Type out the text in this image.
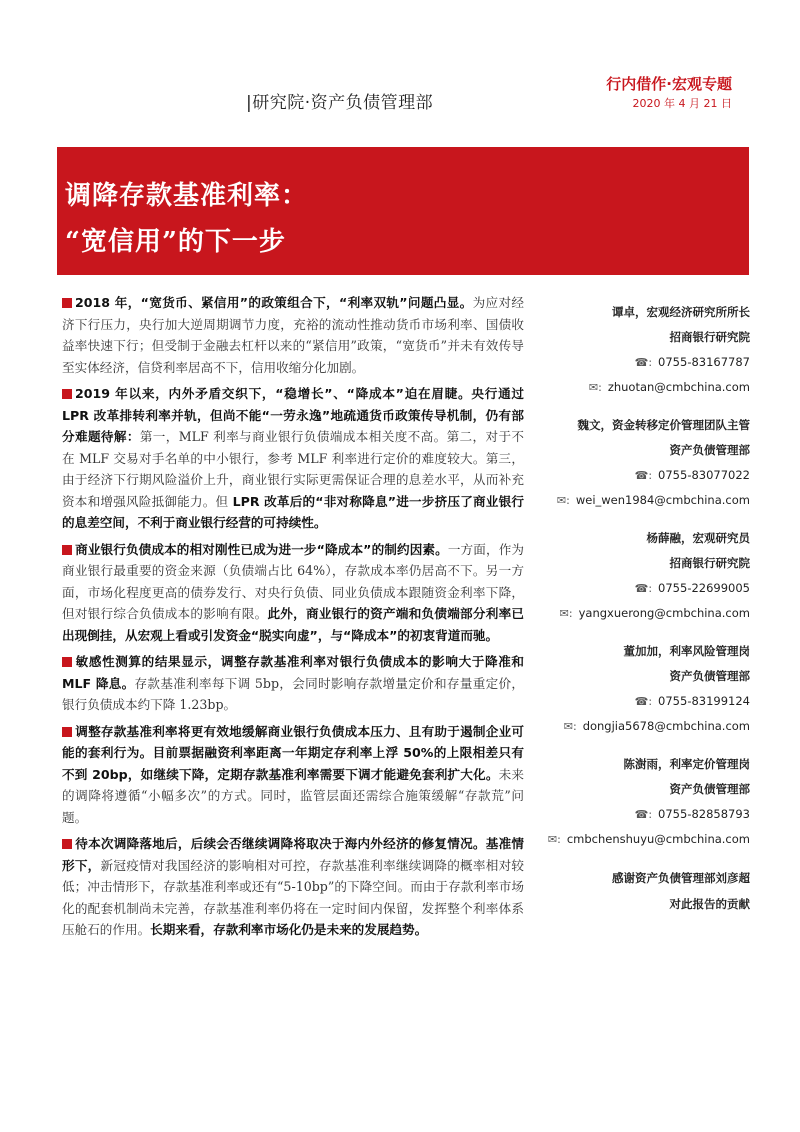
|研究院·资产负债管理部
行内借作·宏观专题
2020 年 4 月 21 日
调降存款基准利率：
“宽信用”的下一步

2018 年，“宽货币、紧信用”的政策组合下，“利率双轨”问题凸显。为应对经济下行压力，央行加大逆周期调节力度，充裕的流动性推动货币市场利率、国债收益率快速下行；但受制于金融去杠杆以来的“紧信用”政策，“宽货币”并未有效传导至实体经济，信贷利率居高不下，信用收缩分化加剧。

2019 年以来，内外矛盾交织下，“稳增长”、“降成本”迫在眉睫。央行通过 LPR 改革排转利率并轨，但尚不能“一劳永逸”地疏通货币政策传导机制，仍有部分难题待解：第一，MLF 利率与商业银行负债端成本相关度不高。第二，对于不在 MLF 交易对手名单的中小银行，参考 MLF 利率进行定价的难度较大。第三，由于经济下行期风险溢价上升，商业银行实际更需保证合理的息差水平，从而补充资本和增强风险抵御能力。但 LPR 改革后的“非对称降息”进一步挤压了商业银行的息差空间，不利于商业银行经营的可持续性。

商业银行负债成本的相对刚性已成为进一步“降成本”的制约因素。一方面，作为商业银行最重要的资金来源（负债端占比 64%），存款成本率仍居高不下。另一方面，市场化程度更高的债券发行、对央行负债、同业负债成本跟随资金利率下降，但对银行综合负债成本的影响有限。此外，商业银行的资产端和负债端部分利率已出现倒挂，从宏观上看或引发资金“脱实向虚”，与“降成本”的初衷背道而驰。

敏感性测算的结果显示，调整存款基准利率对银行负债成本的影响大于降准和 MLF 降息。存款基准利率每下调 5bp，会同时影响存款增量定价和存量重定价，银行负债成本约下降 1.23bp。

调整存款基准利率将更有效地缓解商业银行负债成本压力、且有助于遏制企业可能的套利行为。目前票据融资利率距离一年期定存利率上浮 50%的上限相差只有不到 20bp，如继续下降，定期存款基准利率需要下调才能避免套利扩大化。未来的调降将遵循“小幅多次”的方式。同时，监管层面还需综合施策缓解“存款荒”问题。

待本次调降落地后，后续会否继续调降将取决于海内外经济的修复情况。基准情形下，新冠疫情对我国经济的影响相对可控，存款基准利率继续调降的概率相对较低；冲击情形下，存款基准利率或还有“5-10bp”的下降空间。而由于存款利率市场化的配套机制尚未完善，存款基准利率仍将在一定时间内保留，发挥整个利率体系压舱石的作用。长期来看，存款利率市场化仍是未来的发展趋势。

谭卓，宏观经济研究所所长
招商银行研究院
☎: 0755-83167787
✉: zhuotan@cmbchina.com
魏文，资金转移定价管理团队主管
资产负债管理部
☎: 0755-83077022
✉: wei_wen1984@cmbchina.com
杨薛融，宏观研究员
招商银行研究院
☎: 0755-22699005
✉: yangxuerong@cmbchina.com
董加加，利率风险管理岗
资产负债管理部
☎: 0755-83199124
✉: dongjia5678@cmbchina.com
陈澍雨，利率定价管理岗
资产负债管理部
☎: 0755-82858793
✉: cmbchenshuyu@cmbchina.com
感谢资产负债管理部刘彦超
对此报告的贡献
